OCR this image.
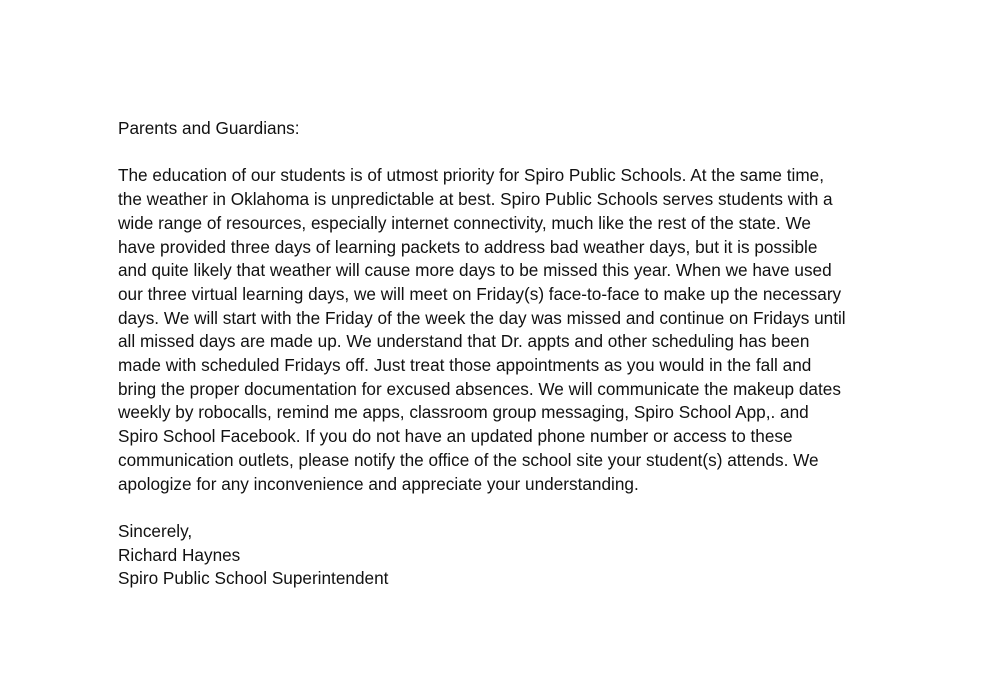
Parents and Guardians:

The education of our students is of utmost priority for Spiro Public Schools. At the same time,
the weather in Oklahoma is unpredictable at best. Spiro Public Schools serves students with a
wide range of resources, especially internet connectivity, much like the rest of the state. We
have provided three days of learning packets to address bad weather days, but it is possible
and quite likely that weather will cause more days to be missed this year. When we have used
our three virtual learning days, we will meet on Friday(s) face-to-face to make up the necessary
days. We will start with the Friday of the week the day was missed and continue on Fridays until
all missed days are made up. We understand that Dr. appts and other scheduling has been
made with scheduled Fridays off. Just treat those appointments as you would in the fall and
bring the proper documentation for excused absences. We will communicate the makeup dates
weekly by robocalls, remind me apps, classroom group messaging, Spiro School App,. and
Spiro School Facebook. If you do not have an updated phone number or access to these
communication outlets, please notify the office of the school site your student(s) attends. We
apologize for any inconvenience and appreciate your understanding.

Sincerely,
Richard Haynes
Spiro Public School Superintendent
